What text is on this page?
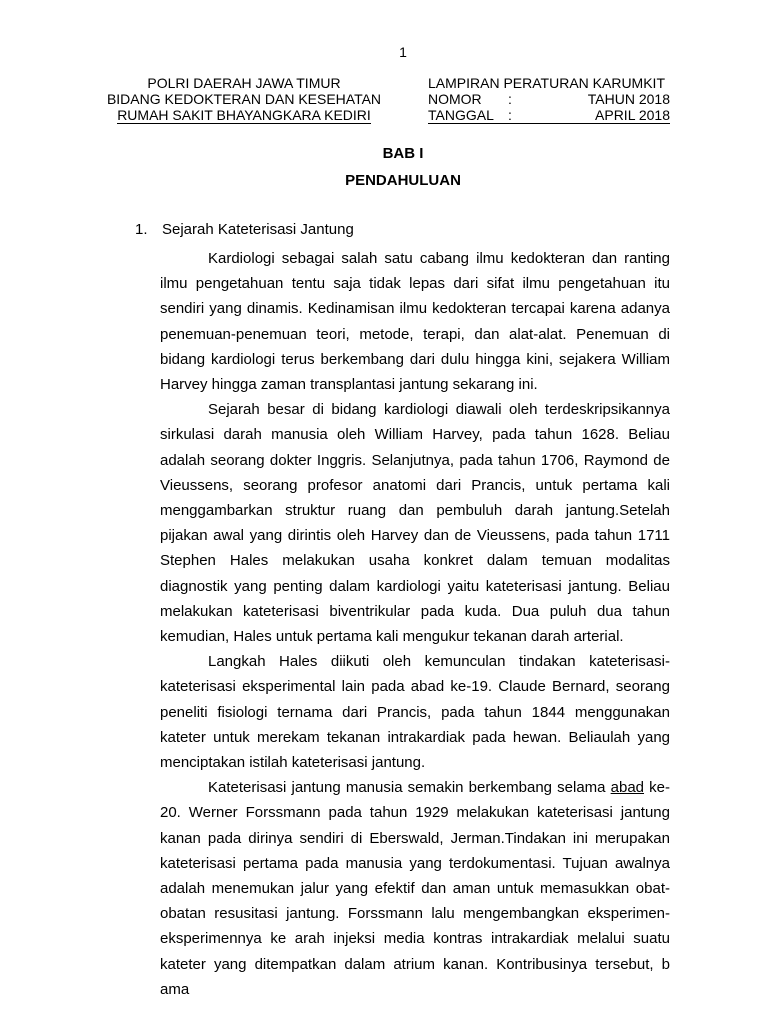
1
POLRI DAERAH JAWA TIMUR
BIDANG KEDOKTERAN DAN KESEHATAN
RUMAH SAKIT BHAYANGKARA KEDIRI
LAMPIRAN PERATURAN KARUMKIT
NOMOR	:	TAHUN 2018
TANGGAL	:	APRIL 2018
BAB I
PENDAHULUAN
1. Sejarah Kateterisasi Jantung

Kardiologi sebagai salah satu cabang ilmu kedokteran dan ranting ilmu pengetahuan tentu saja tidak lepas dari sifat ilmu pengetahuan itu sendiri yang dinamis. Kedinamisan ilmu kedokteran tercapai karena adanya penemuan-penemuan teori, metode, terapi, dan alat-alat. Penemuan di bidang kardiologi terus berkembang dari dulu hingga kini, sejakera William Harvey hingga zaman transplantasi jantung sekarang ini.

Sejarah besar di bidang kardiologi diawali oleh terdeskripsikannya sirkulasi darah manusia oleh William Harvey, pada tahun 1628. Beliau adalah seorang dokter Inggris. Selanjutnya, pada tahun 1706, Raymond de Vieussens, seorang profesor anatomi dari Prancis, untuk pertama kali menggambarkan struktur ruang dan pembuluh darah jantung.Setelah pijakan awal yang dirintis oleh Harvey dan de Vieussens, pada tahun 1711 Stephen Hales melakukan usaha konkret dalam temuan modalitas diagnostik yang penting dalam kardiologi yaitu kateterisasi jantung. Beliau melakukan kateterisasi biventrikular pada kuda. Dua puluh dua tahun kemudian, Hales untuk pertama kali mengukur tekanan darah arterial.

Langkah Hales diikuti oleh kemunculan tindakan kateterisasi-kateterisasi eksperimental lain pada abad ke-19. Claude Bernard, seorang peneliti fisiologi ternama dari Prancis, pada tahun 1844 menggunakan kateter untuk merekam tekanan intrakardiak pada hewan. Beliaulah yang menciptakan istilah kateterisasi jantung.

Kateterisasi jantung manusia semakin berkembang selama abad ke-20. Werner Forssmann pada tahun 1929 melakukan kateterisasi jantung kanan pada dirinya sendiri di Eberswald, Jerman.Tindakan ini merupakan kateterisasi pertama pada manusia yang terdokumentasi. Tujuan awalnya adalah menemukan jalur yang efektif dan aman untuk memasukkan obat-obatan resusitasi jantung. Forssmann lalu mengembangkan eksperimen-eksperimennya ke arah injeksi media kontras intrakardiak melalui suatu kateter yang ditempatkan dalam atrium kanan. Kontribusinya tersebut, b ama
